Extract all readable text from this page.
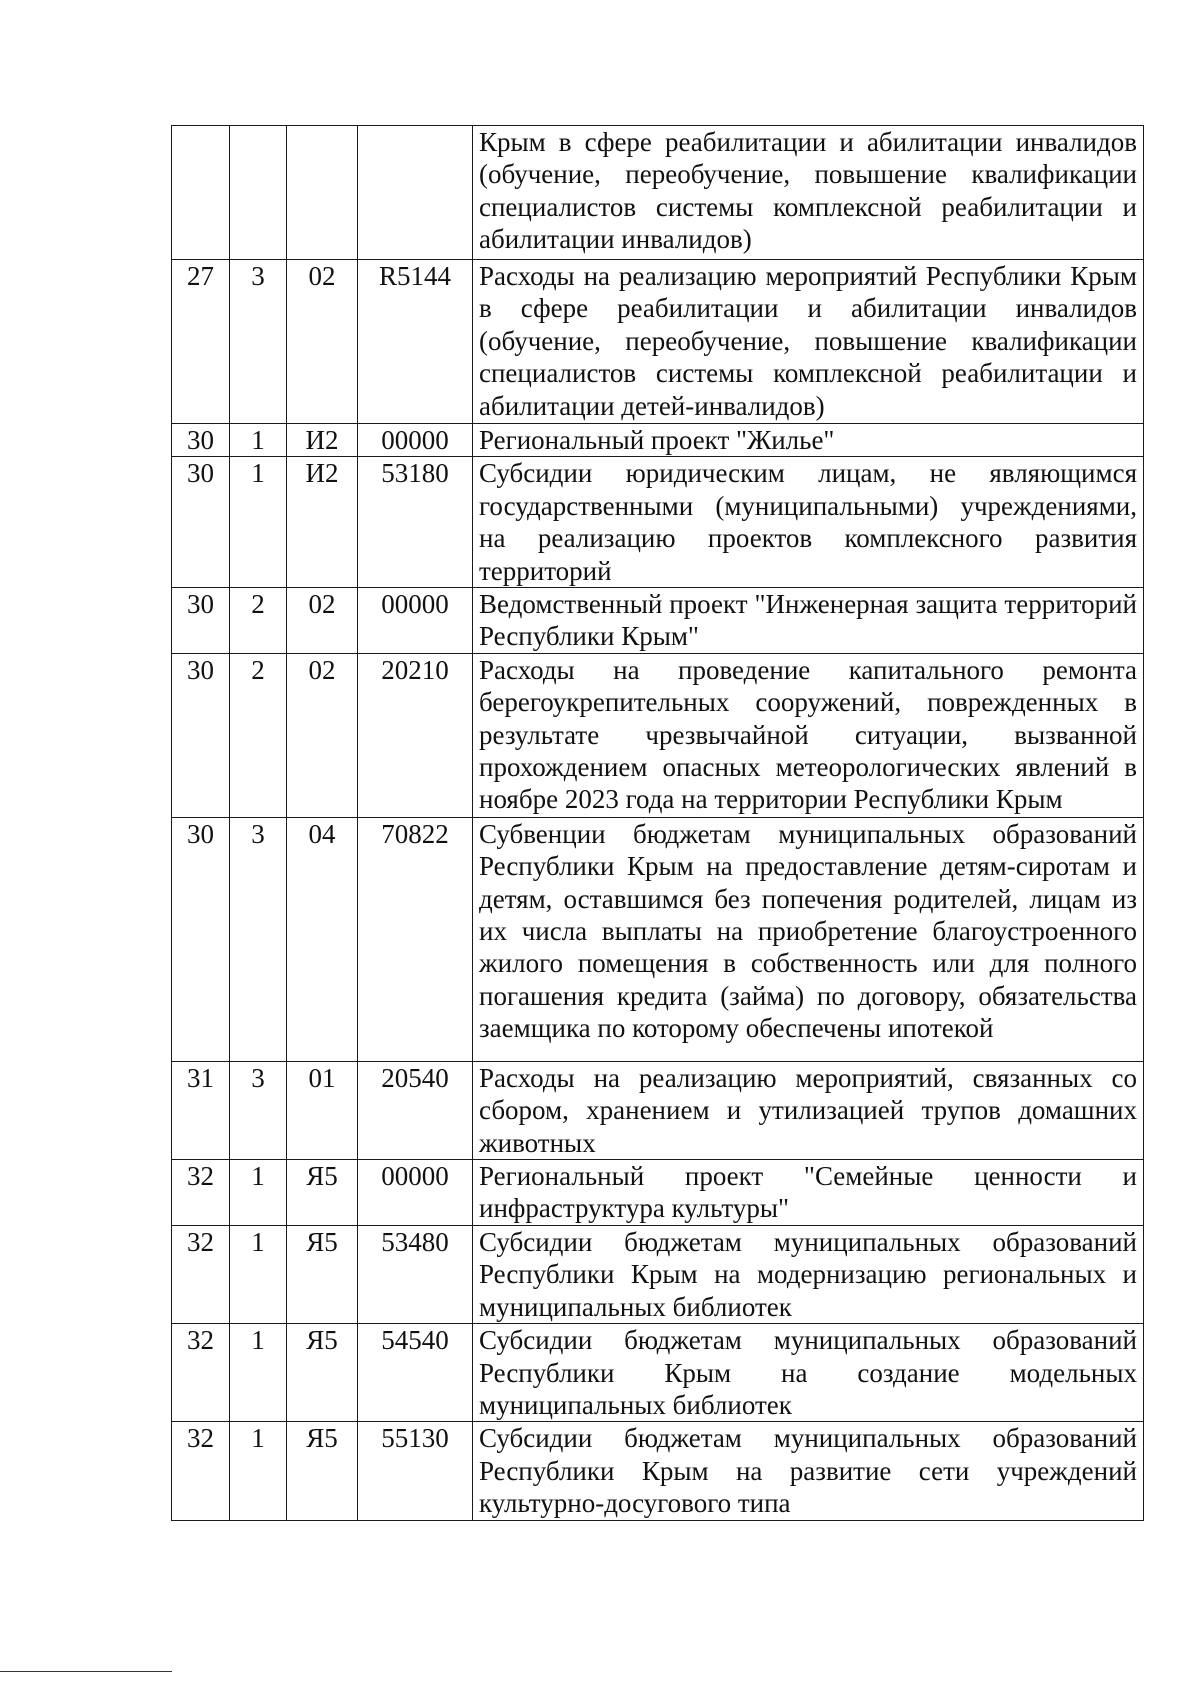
				Крым в сфере реабилитации и абилитации инвалидов (обучение, переобучение, повышение квалификации специалистов системы комплексной реабилитации и абилитации инвалидов)
27	3	02	R5144	Расходы на реализацию мероприятий Республики Крым в сфере реабилитации и абилитации инвалидов (обучение, переобучение, повышение квалификации специалистов системы комплексной реабилитации и абилитации детей-инвалидов)
30	1	И2	00000	Региональный проект "Жилье"
30	1	И2	53180	Субсидии юридическим лицам, не являющимся государственными (муниципальными) учреждениями, на реализацию проектов комплексного развития территорий
30	2	02	00000	Ведомственный проект "Инженерная защита территорий Республики Крым"
30	2	02	20210	Расходы на проведение капитального ремонта берегоукрепительных сооружений, поврежденных в результате чрезвычайной ситуации, вызванной прохождением опасных метеорологических явлений в ноябре 2023 года на территории Республики Крым
30	3	04	70822	Субвенции бюджетам муниципальных образований Республики Крым на предоставление детям-сиротам и детям, оставшимся без попечения родителей, лицам из их числа выплаты на приобретение благоустроенного жилого помещения в собственность или для полного погашения кредита (займа) по договору, обязательства заемщика по которому обеспечены ипотекой
31	3	01	20540	Расходы на реализацию мероприятий, связанных со сбором, хранением и утилизацией трупов домашних животных
32	1	Я5	00000	Региональный проект "Семейные ценности и инфраструктура культуры"
32	1	Я5	53480	Субсидии бюджетам муниципальных образований Республики Крым на модернизацию региональных и муниципальных библиотек
32	1	Я5	54540	Субсидии бюджетам муниципальных образований Республики Крым на создание модельных муниципальных библиотек
32	1	Я5	55130	Субсидии бюджетам муниципальных образований Республики Крым на развитие сети учреждений культурно-досугового типа
